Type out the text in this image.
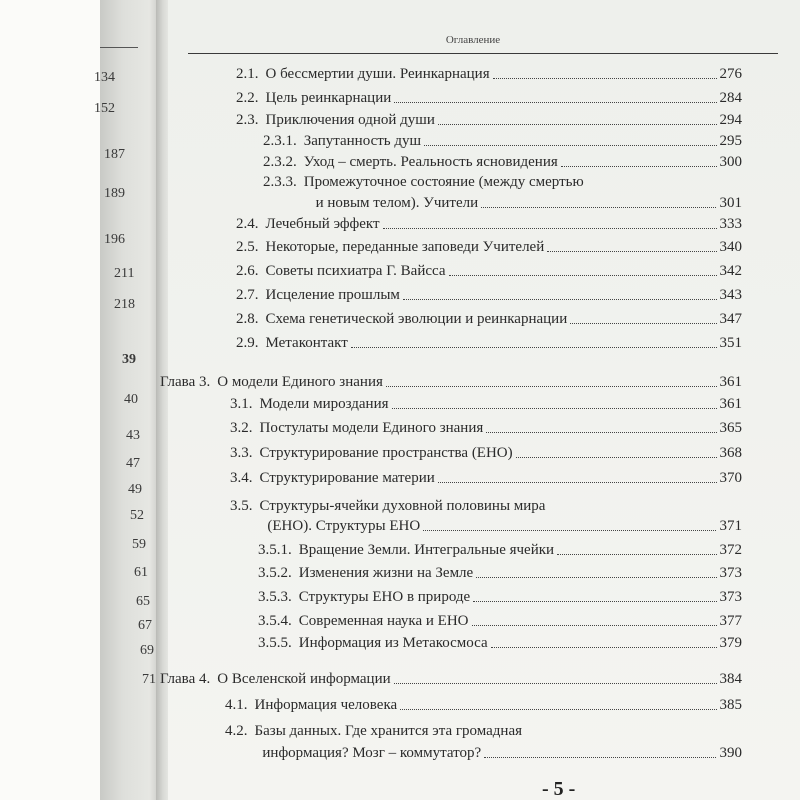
134
152
187
189
196
211
218
39
40
43
47
49
52
59
61
65
67
69
71
Оглавление
2.1. О бессмертии души. Реинкарнация	276
2.2. Цель реинкарнации	284
2.3. Приключения одной души	294
2.3.1. Запутанность душ	295
2.3.2. Уход – смерть. Реальность ясновидения	300
2.3.3. Промежуточное состояние (между смертью
и новым телом). Учители	301
2.4. Лечебный эффект	333
2.5. Некоторые, переданные заповеди Учителей	340
2.6. Советы психиатра Г. Вайсса	342
2.7. Исцеление прошлым	343
2.8. Схема генетической эволюции и реинкарнации	347
2.9. Метаконтакт	351
Глава 3. О модели Единого знания	361
3.1. Модели мироздания	361
3.2. Постулаты модели Единого знания	365
3.3. Структурирование пространства (ЕНО)	368
3.4. Структурирование материи	370
3.5. Структуры-ячейки духовной половины мира
(ЕНО). Структуры ЕНО	371
3.5.1. Вращение Земли. Интегральные ячейки	372
3.5.2. Изменения жизни на Земле	373
3.5.3. Структуры ЕНО в природе	373
3.5.4. Современная наука и ЕНО	377
3.5.5. Информация из Метакосмоса	379
Глава 4. О Вселенской информации	384
4.1. Информация человека	385
4.2. Базы данных. Где хранится эта громадная
информация? Мозг – коммутатор?	390
- 5 -
